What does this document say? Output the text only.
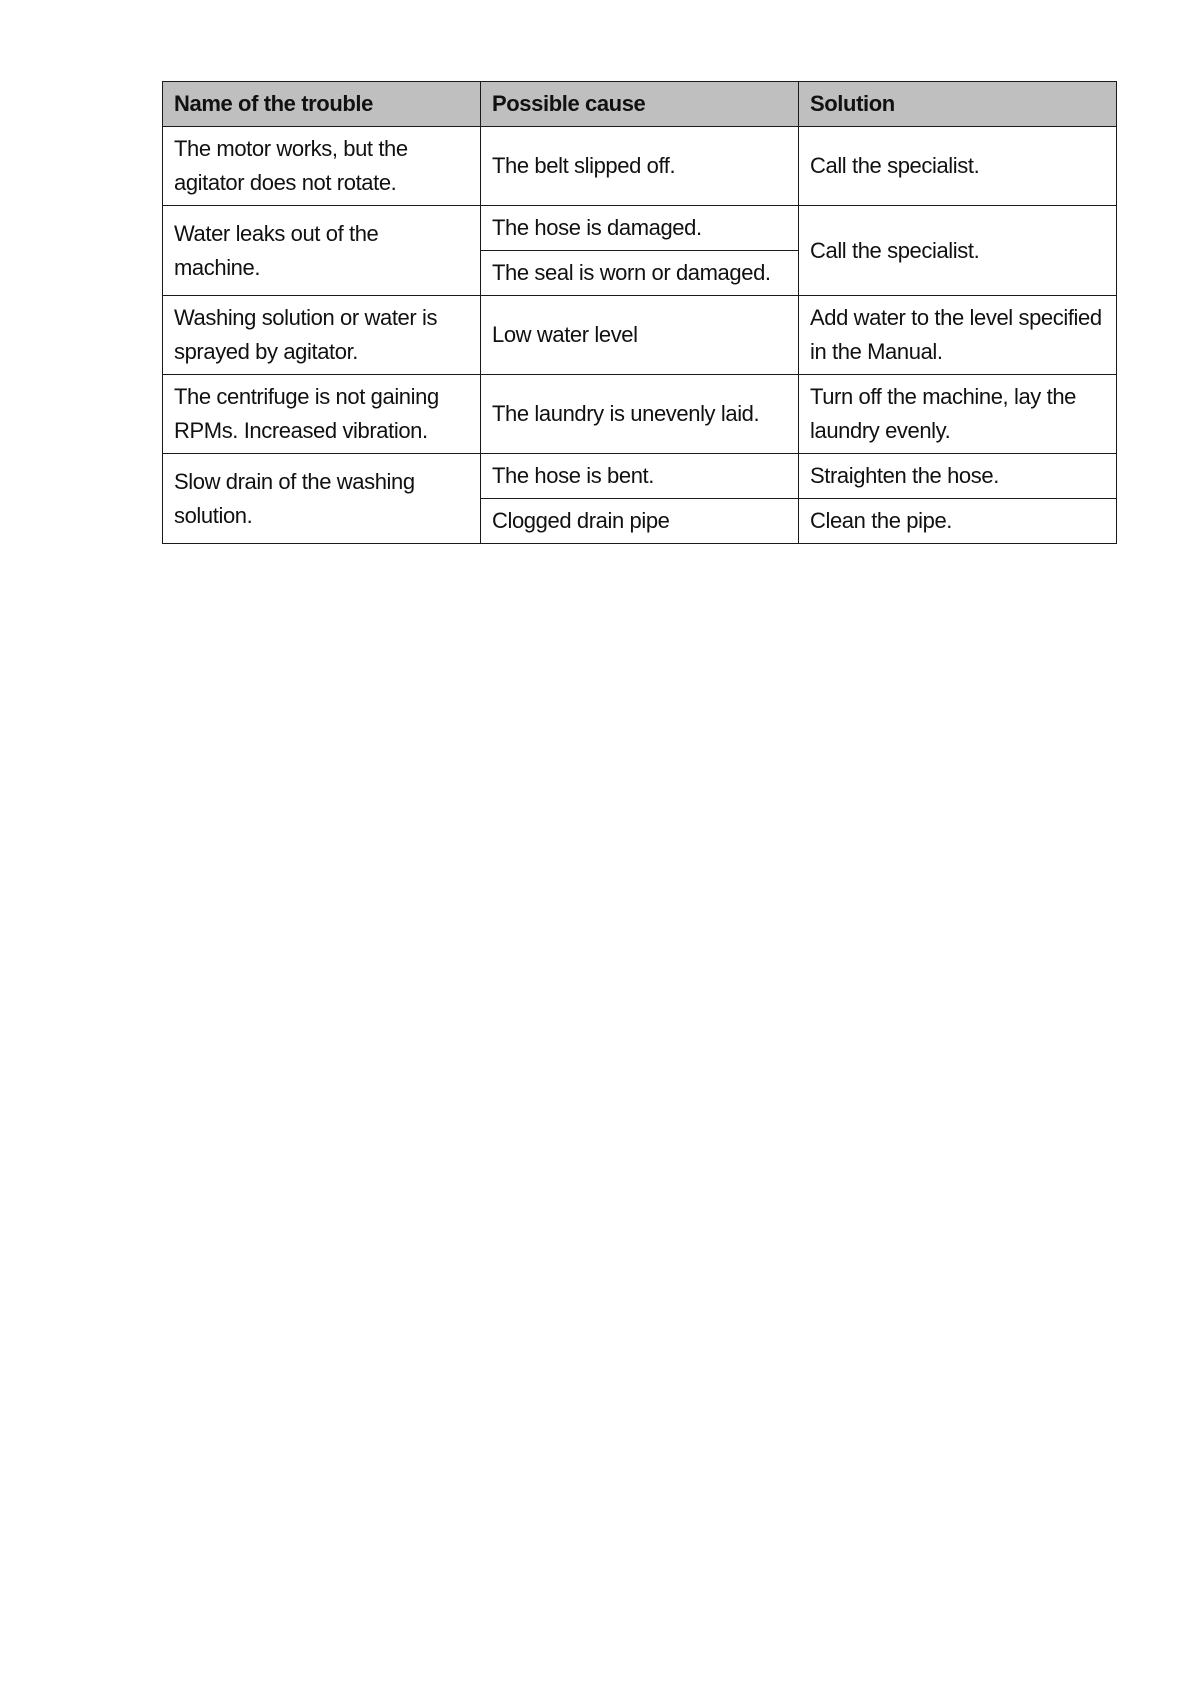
Name of the trouble	Possible cause	Solution
The motor works, but the agitator does not rotate.	The belt slipped off.	Call the specialist.
Water leaks out of the machine.	The hose is damaged.	Call the specialist.
	The seal is worn or damaged.	
Washing solution or water is sprayed by agitator.	Low water level	Add water to the level specified in the Manual.
The centrifuge is not gaining RPMs. Increased vibration.	The laundry is unevenly laid.	Turn off the machine, lay the laundry evenly.
Slow drain of the washing solution.	The hose is bent.	Straighten the hose.
	Clogged drain pipe	Clean the pipe.
